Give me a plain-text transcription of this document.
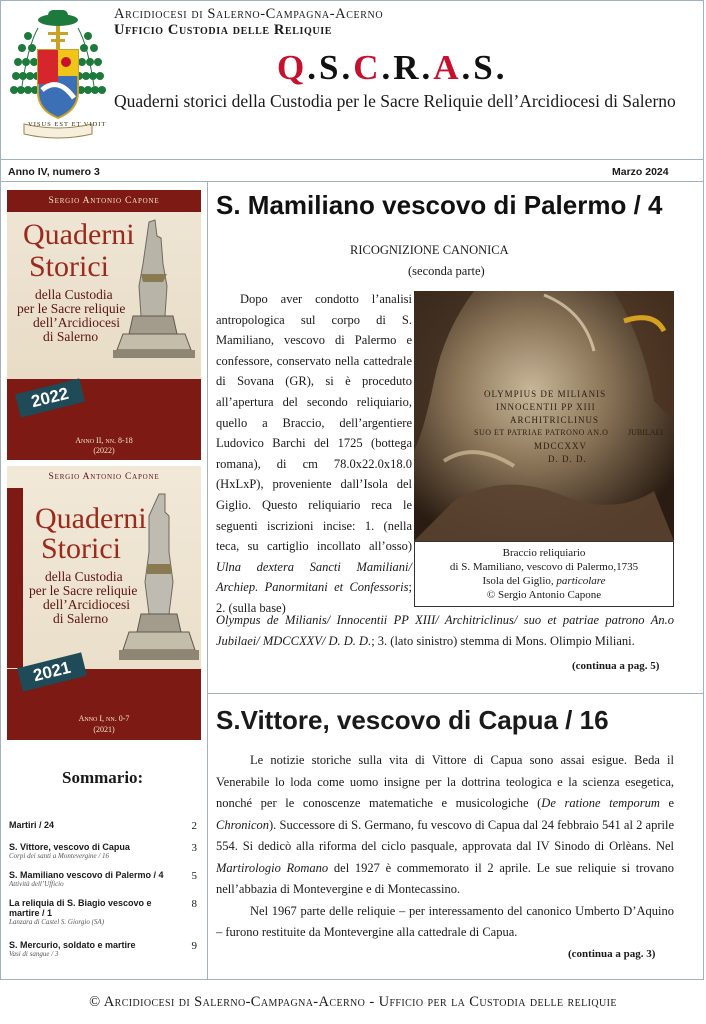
VISUS EST ET VIDIT
Arcidiocesi di Salerno-Campagna-Acerno
Ufficio Custodia delle Reliquie
Q.S.C.R.A.S.
Quaderni storici della Custodia per le Sacre Reliquie dell’Arcidiocesi di Salerno
Anno IV, numero 3	Marzo 2024
Sergio Antonio Capone
Quaderni
Storici
della Custodia
per le Sacre reliquie
dell’Arcidiocesi
di Salerno
2022
Anno II, nn. 8-18
(2022)
Sergio Antonio Capone
Quaderni
Storici
della Custodia
per le Sacre reliquie
dell’Arcidiocesi
di Salerno
2021
Anno I, nn. 0-7
(2021)
Sommario:
Martiri / 24	2
S. Vittore, vescovo di Capua
Corpi dei santi a Montevergine / 16
3
S. Mamiliano vescovo di Palermo / 4
Attività dell’Ufficio
5
La reliquia di S. Biagio vescovo e martire / 1
Lanzara di Castel S. Giorgio (SA)
8
S. Mercurio, soldato e martire
Vasi di sangue / 3
9
S. Mamiliano vescovo di Palermo / 4
RICOGNIZIONE CANONICA
(seconda parte)

Dopo aver condotto l’analisi antropologica sul corpo di S. Mamiliano, vescovo di Palermo e confessore, conservato nella cattedrale di Sovana (GR), si è proceduto all’apertura del secondo reliquiario, quello a Braccio, dell’argentiere Ludovico Barchi del 1725 (bottega romana), di cm 78.0x22.0x18.0 (HxLxP), proveniente dall’Isola del Giglio. Questo reliquiario reca le seguenti iscrizioni incise: 1. (nella teca, su cartiglio incollato all’osso) Ulna dextera Sancti Mamiliani/ Archiep. Panormitani et Confessoris; 2. (sulla base)

OLYMPIUS DE MILIANIS
INNOCENTII PP XIII
ARCHITRICLINUS
SUO ET PATRIAE PATRONO AN.O JUBILAEI
MDCCXXV
D. D. D.
Braccio reliquiario
di S. Mamiliano, vescovo di Palermo,1735
Isola del Giglio, particolare
© Sergio Antonio Capone
Olympus de Milianis/ Innocentii PP XIII/ Architriclinus/ suo et patriae patrono An.o Jubilaei/ MDCCXXV/ D. D. D.; 3. (lato sinistro) stemma di Mons. Olimpio Miliani.
(continua a pag. 5)
S.Vittore, vescovo di Capua / 16

Le notizie storiche sulla vita di Vittore di Capua sono assai esigue. Beda il Venerabile lo loda come uomo insigne per la dottrina teologica e la scienza esegetica, nonché per le conoscenze matematiche e musicologiche (De ratione temporum e Chronicon). Successore di S. Germano, fu vescovo di Capua dal 24 febbraio 541 al 2 aprile 554. Si dedicò alla riforma del ciclo pasquale, approvata dal IV Sinodo di Orlèans. Nel Martirologio Romano del 1927 è commemorato il 2 aprile. Le sue reliquie si trovano nell’abbazia di Montevergine e di Montecassino.

Nel 1967 parte delle reliquie – per interessamento del canonico Umberto D’Aquino – furono restituite da Montevergine alla cattedrale di Capua.

(continua a pag. 3)
© Arcidiocesi di Salerno-Campagna-Acerno - Ufficio per la Custodia delle reliquie
